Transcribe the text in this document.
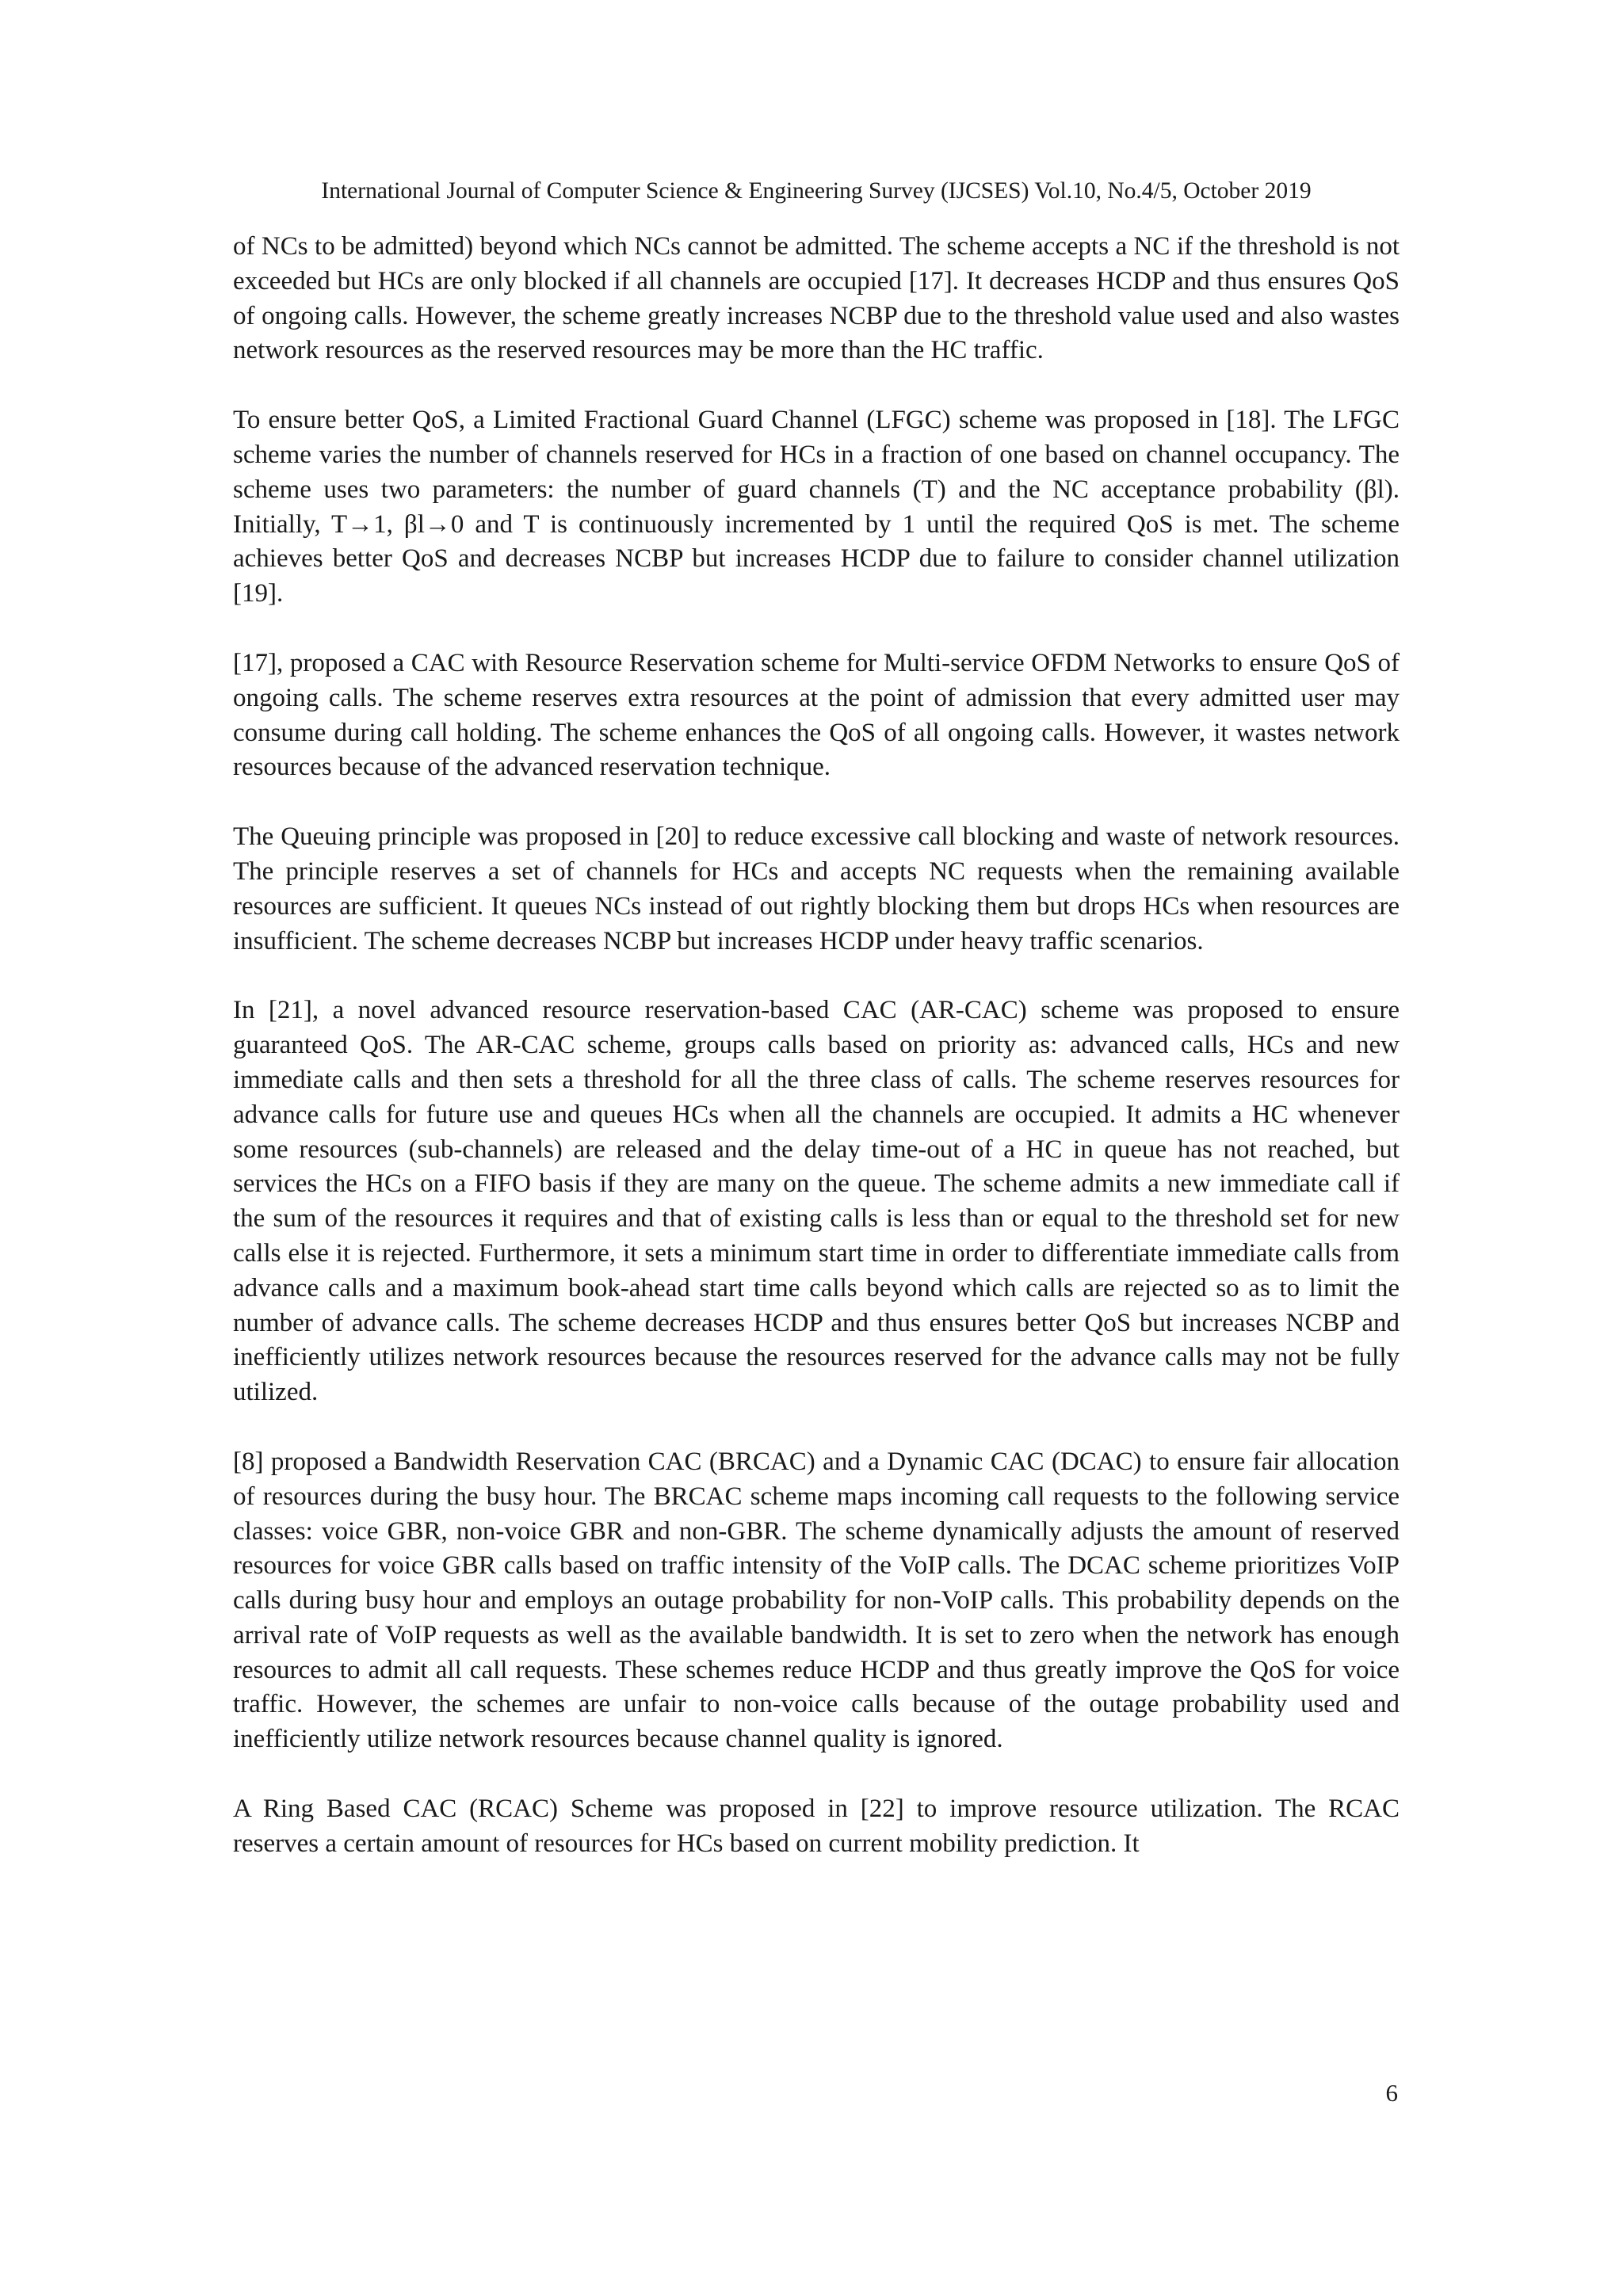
International Journal of Computer Science & Engineering Survey (IJCSES) Vol.10, No.4/5, October 2019

of NCs to be admitted) beyond which NCs cannot be admitted. The scheme accepts a NC if the threshold is not exceeded but HCs are only blocked if all channels are occupied [17]. It decreases HCDP and thus ensures QoS of ongoing calls. However, the scheme greatly increases NCBP due to the threshold value used and also wastes network resources as the reserved resources may be more than the HC traffic.

To ensure better QoS, a Limited Fractional Guard Channel (LFGC) scheme was proposed in [18]. The LFGC scheme varies the number of channels reserved for HCs in a fraction of one based on channel occupancy. The scheme uses two parameters: the number of guard channels (T) and the NC acceptance probability (βl). Initially, T→1, βl→0 and T is continuously incremented by 1 until the required QoS is met. The scheme achieves better QoS and decreases NCBP but increases HCDP due to failure to consider channel utilization [19].

[17], proposed a CAC with Resource Reservation scheme for Multi-service OFDM Networks to ensure QoS of ongoing calls. The scheme reserves extra resources at the point of admission that every admitted user may consume during call holding. The scheme enhances the QoS of all ongoing calls. However, it wastes network resources because of the advanced reservation technique.

The Queuing principle was proposed in [20] to reduce excessive call blocking and waste of network resources. The principle reserves a set of channels for HCs and accepts NC requests when the remaining available resources are sufficient. It queues NCs instead of out rightly blocking them but drops HCs when resources are insufficient. The scheme decreases NCBP but increases HCDP under heavy traffic scenarios.

In [21], a novel advanced resource reservation-based CAC (AR-CAC) scheme was proposed to ensure guaranteed QoS. The AR-CAC scheme, groups calls based on priority as: advanced calls, HCs and new immediate calls and then sets a threshold for all the three class of calls. The scheme reserves resources for advance calls for future use and queues HCs when all the channels are occupied. It admits a HC whenever some resources (sub-channels) are released and the delay time-out of a HC in queue has not reached, but services the HCs on a FIFO basis if they are many on the queue. The scheme admits a new immediate call if the sum of the resources it requires and that of existing calls is less than or equal to the threshold set for new calls else it is rejected. Furthermore, it sets a minimum start time in order to differentiate immediate calls from advance calls and a maximum book-ahead start time calls beyond which calls are rejected so as to limit the number of advance calls. The scheme decreases HCDP and thus ensures better QoS but increases NCBP and inefficiently utilizes network resources because the resources reserved for the advance calls may not be fully utilized.

[8] proposed a Bandwidth Reservation CAC (BRCAC) and a Dynamic CAC (DCAC) to ensure fair allocation of resources during the busy hour. The BRCAC scheme maps incoming call requests to the following service classes: voice GBR, non-voice GBR and non-GBR. The scheme dynamically adjusts the amount of reserved resources for voice GBR calls based on traffic intensity of the VoIP calls. The DCAC scheme prioritizes VoIP calls during busy hour and employs an outage probability for non-VoIP calls. This probability depends on the arrival rate of VoIP requests as well as the available bandwidth. It is set to zero when the network has enough resources to admit all call requests. These schemes reduce HCDP and thus greatly improve the QoS for voice traffic. However, the schemes are unfair to non-voice calls because of the outage probability used and inefficiently utilize network resources because channel quality is ignored.

A Ring Based CAC (RCAC) Scheme was proposed in [22] to improve resource utilization. The RCAC reserves a certain amount of resources for HCs based on current mobility prediction. It

6
